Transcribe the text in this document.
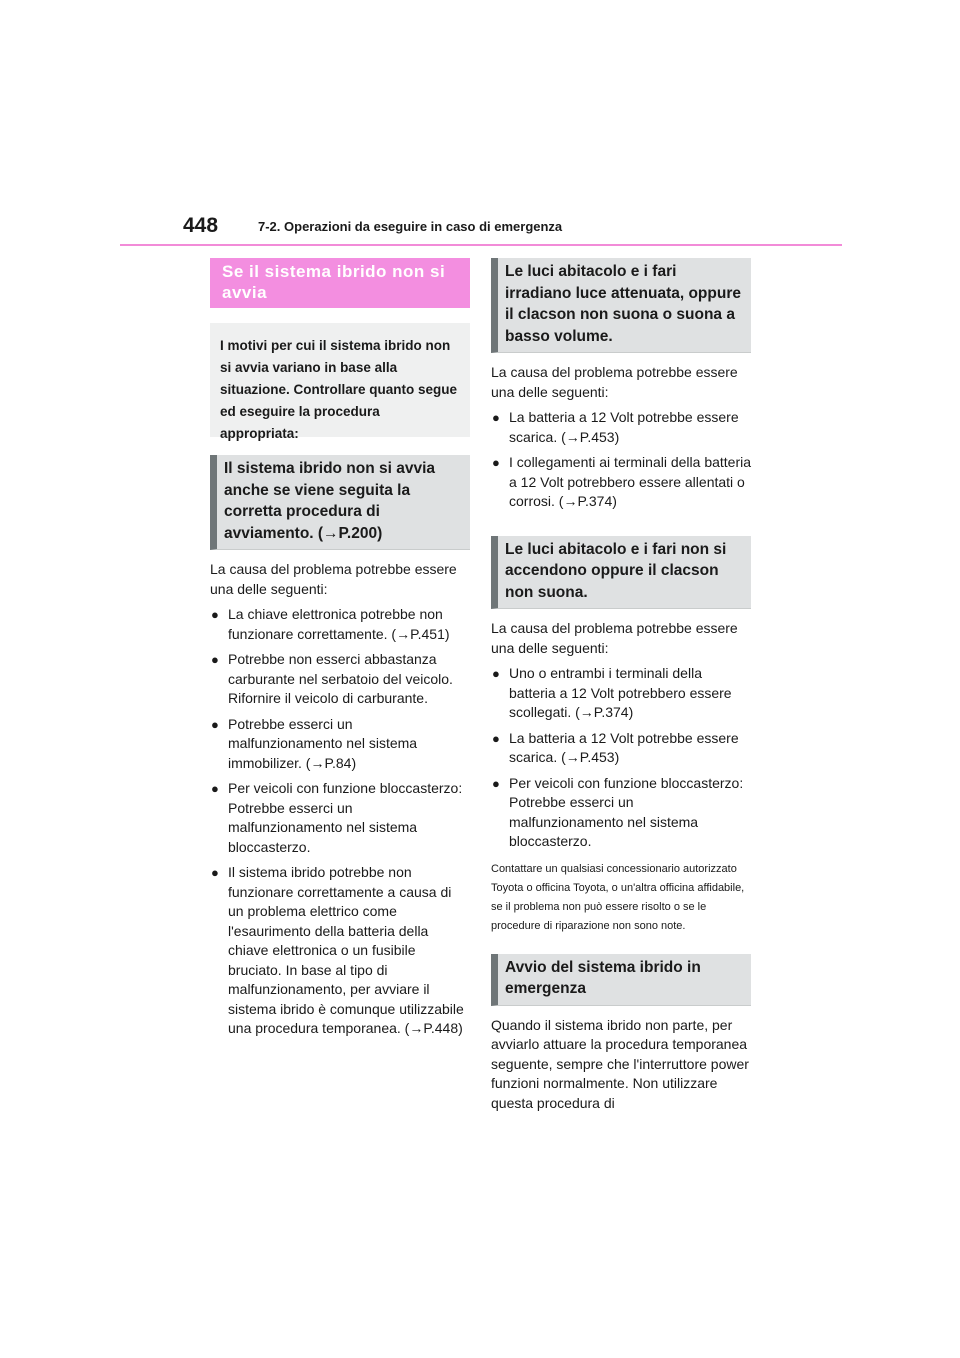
448	7-2. Operazioni da eseguire in caso di emergenza
Se il sistema ibrido non si avvia
I motivi per cui il sistema ibrido non si avvia variano in base alla situazione. Controllare quanto segue ed eseguire la procedura appropriata:
Il sistema ibrido non si avvia anche se viene seguita la corretta procedura di avviamento. (→P.200)

La causa del problema potrebbe essere una delle seguenti:

● La chiave elettronica potrebbe non funzionare correttamente. (→P.451)
● Potrebbe non esserci abbastanza carburante nel serbatoio del veicolo. Rifornire il veicolo di carburante.
● Potrebbe esserci un malfunzionamento nel sistema immobilizer. (→P.84)
● Per veicoli con funzione bloccasterzo: Potrebbe esserci un malfunzionamento nel sistema bloccasterzo.
● Il sistema ibrido potrebbe non funzionare correttamente a causa di un problema elettrico come l'esaurimento della batteria della chiave elettronica o un fusibile bruciato. In base al tipo di malfunzionamento, per avviare il sistema ibrido è comunque utilizzabile una procedura temporanea. (→P.448)
Le luci abitacolo e i fari irradiano luce attenuata, oppure il clacson non suona o suona a basso volume.

La causa del problema potrebbe essere una delle seguenti:

● La batteria a 12 Volt potrebbe essere scarica. (→P.453)
● I collegamenti ai terminali della batteria a 12 Volt potrebbero essere allentati o corrosi. (→P.374)
Le luci abitacolo e i fari non si accendono oppure il clacson non suona.

La causa del problema potrebbe essere una delle seguenti:

● Uno o entrambi i terminali della batteria a 12 Volt potrebbero essere scollegati. (→P.374)
● La batteria a 12 Volt potrebbe essere scarica. (→P.453)
● Per veicoli con funzione bloccasterzo: Potrebbe esserci un malfunzionamento nel sistema bloccasterzo.

Contattare un qualsiasi concessionario autorizzato Toyota o officina Toyota, o un'altra officina affidabile, se il problema non può essere risolto o se le procedure di riparazione non sono note.

Avvio del sistema ibrido in emergenza

Quando il sistema ibrido non parte, per avviarlo attuare la procedura temporanea seguente, sempre che l'interruttore power funzioni normalmente. Non utilizzare questa procedura di
